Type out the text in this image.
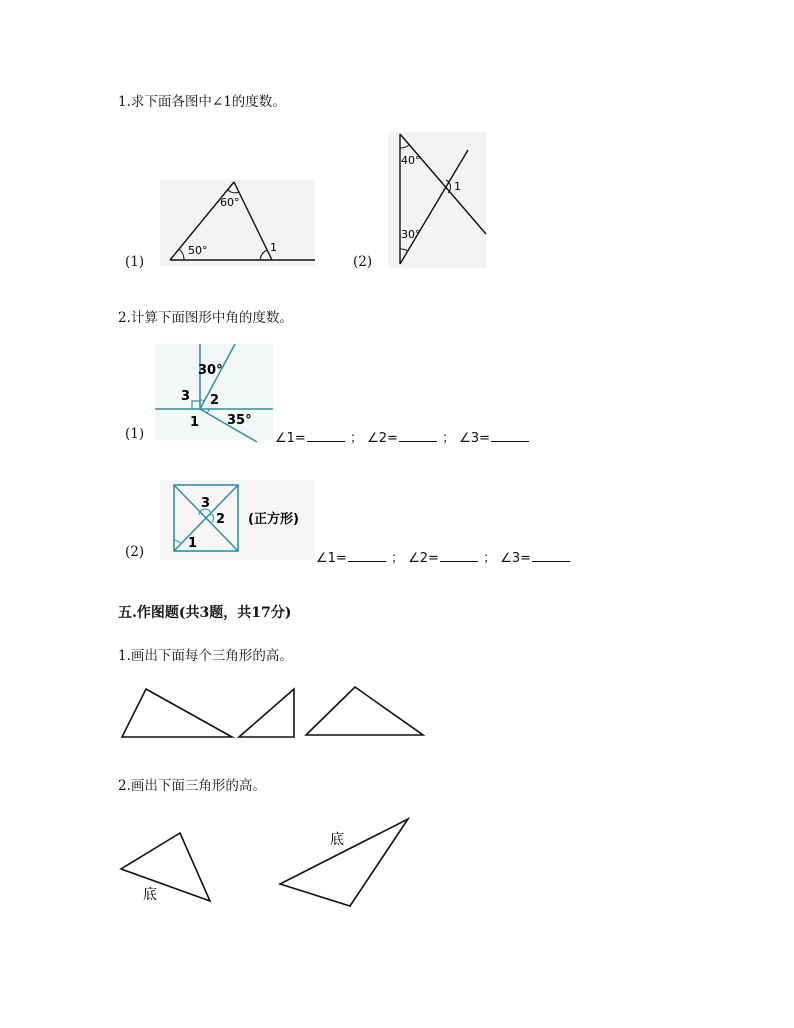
1.求下面各图中∠1的度数。
(1)
60°
50°	1
(2)
40°
30°
1
2.计算下面图形中角的度数。
(1)
30°
35°
3 2
1
∠1=	； ∠2=	； ∠3=
(2)
3
2
1
(正方形)
∠1=	； ∠2=	； ∠3=
五.作图题(共3题，共17分)
1.画出下面每个三角形的高。
2.画出下面三角形的高。
底
底
